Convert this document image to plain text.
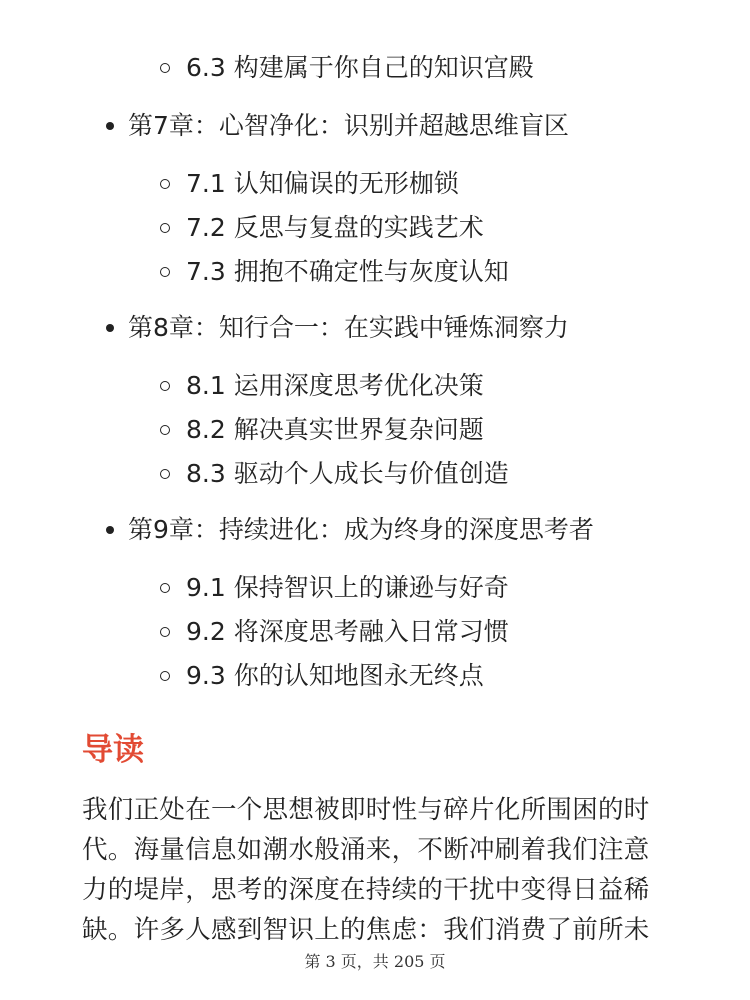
6.3 构建属于你自己的知识宫殿
第7章：心智净化：识别并超越思维盲区
7.1 认知偏误的无形枷锁
7.2 反思与复盘的实践艺术
7.3 拥抱不确定性与灰度认知
第8章：知行合一：在实践中锤炼洞察力
8.1 运用深度思考优化决策
8.2 解决真实世界复杂问题
8.3 驱动个人成长与价值创造
第9章：持续进化：成为终身的深度思考者
9.1 保持智识上的谦逊与好奇
9.2 将深度思考融入日常习惯
9.3 你的认知地图永无终点
导读

我们正处在一个思想被即时性与碎片化所围困的时
代。海量信息如潮水般涌来，不断冲刷着我们注意
力的堤岸，思考的深度在持续的干扰中变得日益稀
缺。许多人感到智识上的焦虑：我们消费了前所未

第 3 页，共 205 页
